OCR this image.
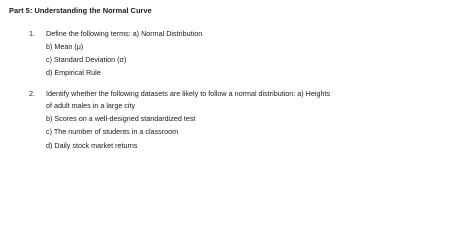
Part 5: Understanding the Normal Curve
1. Define the following terms: a) Normal Distribution
b) Mean (μ)
c) Standard Deviation (σ)
d) Empirical Rule
2. Identify whether the following datasets are likely to follow a normal distribution: a) Heights
of adult males in a large city
b) Scores on a well-designed standardized test
c) The number of students in a classroom
d) Daily stock market returns
